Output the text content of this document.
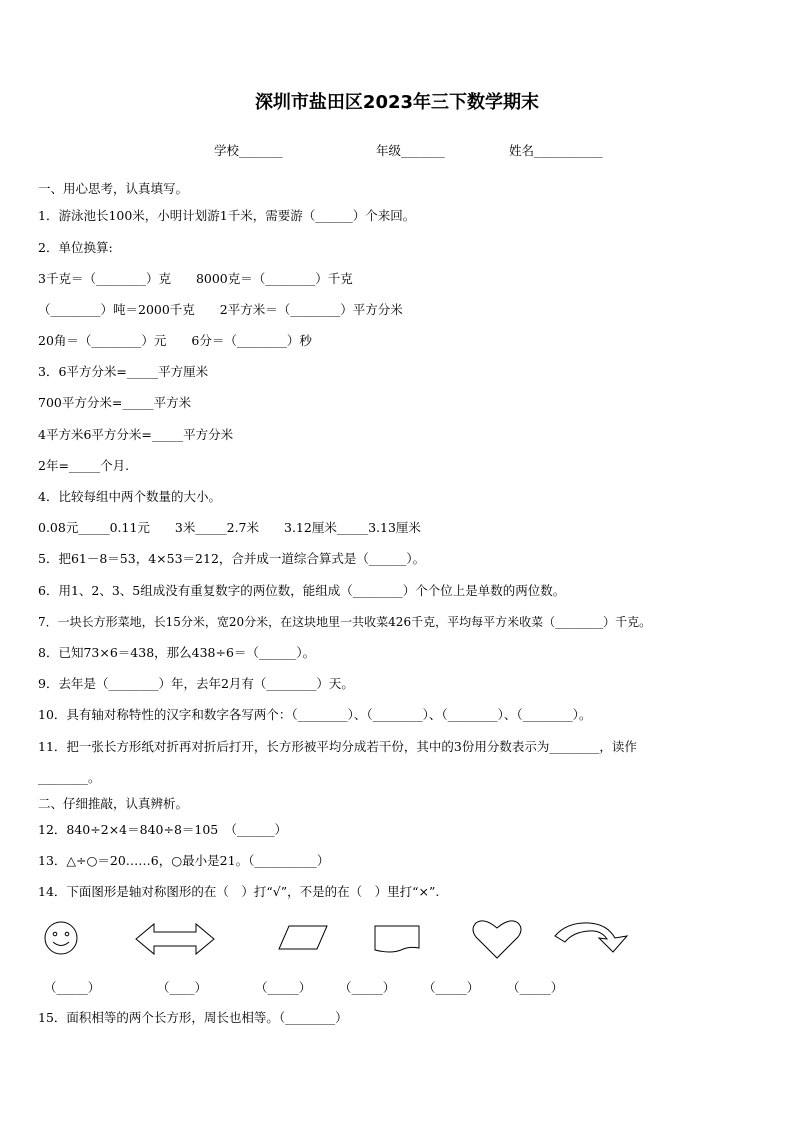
深圳市盐田区2023年三下数学期末
学校_______	年级_______	姓名___________
一、用心思考，认真填写。
1．游泳池长100米，小明计划游1千米，需要游（______）个来回。
2．单位换算:
3千克＝（________）克　　8000克＝（________）千克
（________）吨＝2000千克　　2平方米＝（________）平方分米
20角＝（________）元　　6分＝（________）秒
3．6平方分米=_____平方厘米
700平方分米=_____平方米
4平方米6平方分米=_____平方分米
2年=_____个月.
4．比较每组中两个数量的大小。
0.08元_____0.11元　　3米_____2.7米　　3.12厘米_____3.13厘米
5．把61－8＝53，4×53＝212，合并成一道综合算式是（______）。
6．用1、2、3、5组成没有重复数字的两位数，能组成（________）个个位上是单数的两位数。
7．一块长方形菜地，长15分米，宽20分米，在这块地里一共收菜426千克，平均每平方米收菜（________）千克。
8．已知73×6＝438，那么438÷6＝（______）。
9．去年是（________）年，去年2月有（________）天。
10．具有轴对称特性的汉字和数字各写两个：（________）、（________）、（________）、（________）。
11．把一张长方形纸对折再对折后打开，长方形被平均分成若干份，其中的3份用分数表示为________，读作
________。
二、仔细推敲，认真辨析。
12．840÷2×4＝840÷8＝105　（______）
13．△÷○＝20……6，○最小是21。（__________）
14．下面图形是轴对称图形的在（　）打“√”，不是的在（　）里打“×”.
（_____）	（____）	（_____） （_____） （_____） （_____）
15．面积相等的两个长方形，周长也相等。（________）
